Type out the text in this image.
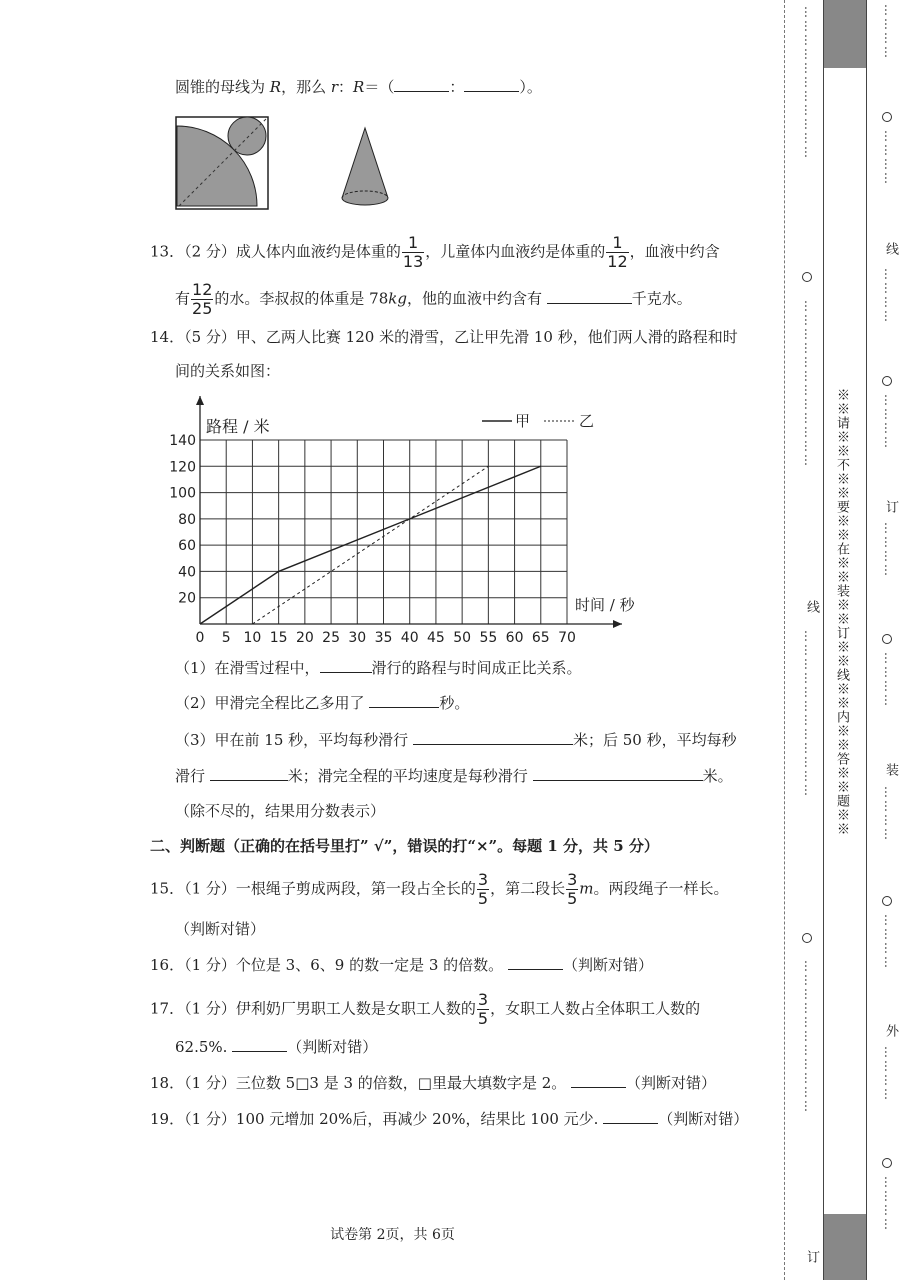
圆锥的母线为 R，那么 r：R＝（	：	）。
13．（2 分）成人体内血液约是体重的 $\frac{1}{13}$ ，儿童体内血液约是体重的 $\frac{1}{12}$ ，血液中约含
有 $\frac{12}{25}$ 的水。李叔叔的体重是 78kg，他的血液中约含有	千克水。
14．（5 分）甲、乙两人比赛 120 米的滑雪，乙让甲先滑 10 秒，他们两人滑的路程和时
间的关系如图：
0 5 10 15 20 25 30 35 40 45 50 55 60 65 70
20
40
60
80
100
120
140
路程 / 米
时间 / 秒
甲	乙
（1）在滑雪过程中，	滑行的路程与时间成正比关系。
（2）甲滑完全程比乙多用了	秒。
（3）甲在前 15 秒，平均每秒滑行	米；后 50 秒，平均每秒
滑行	米；滑完全程的平均速度是每秒滑行	米。
（除不尽的，结果用分数表示）
二、判断题（正确的在括号里打” √”，错误的打“×”。每题 1 分，共 5 分）
15．（1 分）一根绳子剪成两段，第一段占全长的 $\frac{3}{5}$ ，第二段长 $\frac{3}{5}$ m。两段绳子一样长。
（判断对错）
16．（1 分）个位是 3、6、9 的数一定是 3 的倍数。	（判断对错）
17．（1 分）伊利奶厂男职工人数是女职工人数的 $\frac{3}{5}$ ，女职工人数占全体职工人数的
62.5%.	（判断对错）
18．（1 分）三位数 5□3 是 3 的倍数，□里最大填数字是 2。	（判断对错）
19．（1 分）100 元增加 20%后，再减少 20%，结果比 100 元少.	（判断对错）
试卷第 2页，共 6页
⋯⋯⋯⋯⋯⋯⋯⋯⋯⋯⋯
⋯⋯⋯⋯⋯⋯⋯⋯⋯⋯⋯⋯
线
⋯⋯⋯⋯⋯⋯⋯⋯⋯⋯⋯⋯
⋯⋯⋯⋯⋯⋯⋯⋯⋯⋯⋯
订
※※请※※不※※要※※在※※装※※订※※线※※内※※答※※题※※
⋯⋯⋯⋯
⋯⋯⋯⋯
线
⋯⋯⋯⋯
⋯⋯⋯⋯
订
⋯⋯⋯⋯
⋯⋯⋯⋯
装
⋯⋯⋯⋯
⋯⋯⋯⋯
外
⋯⋯⋯⋯
⋯⋯⋯⋯
